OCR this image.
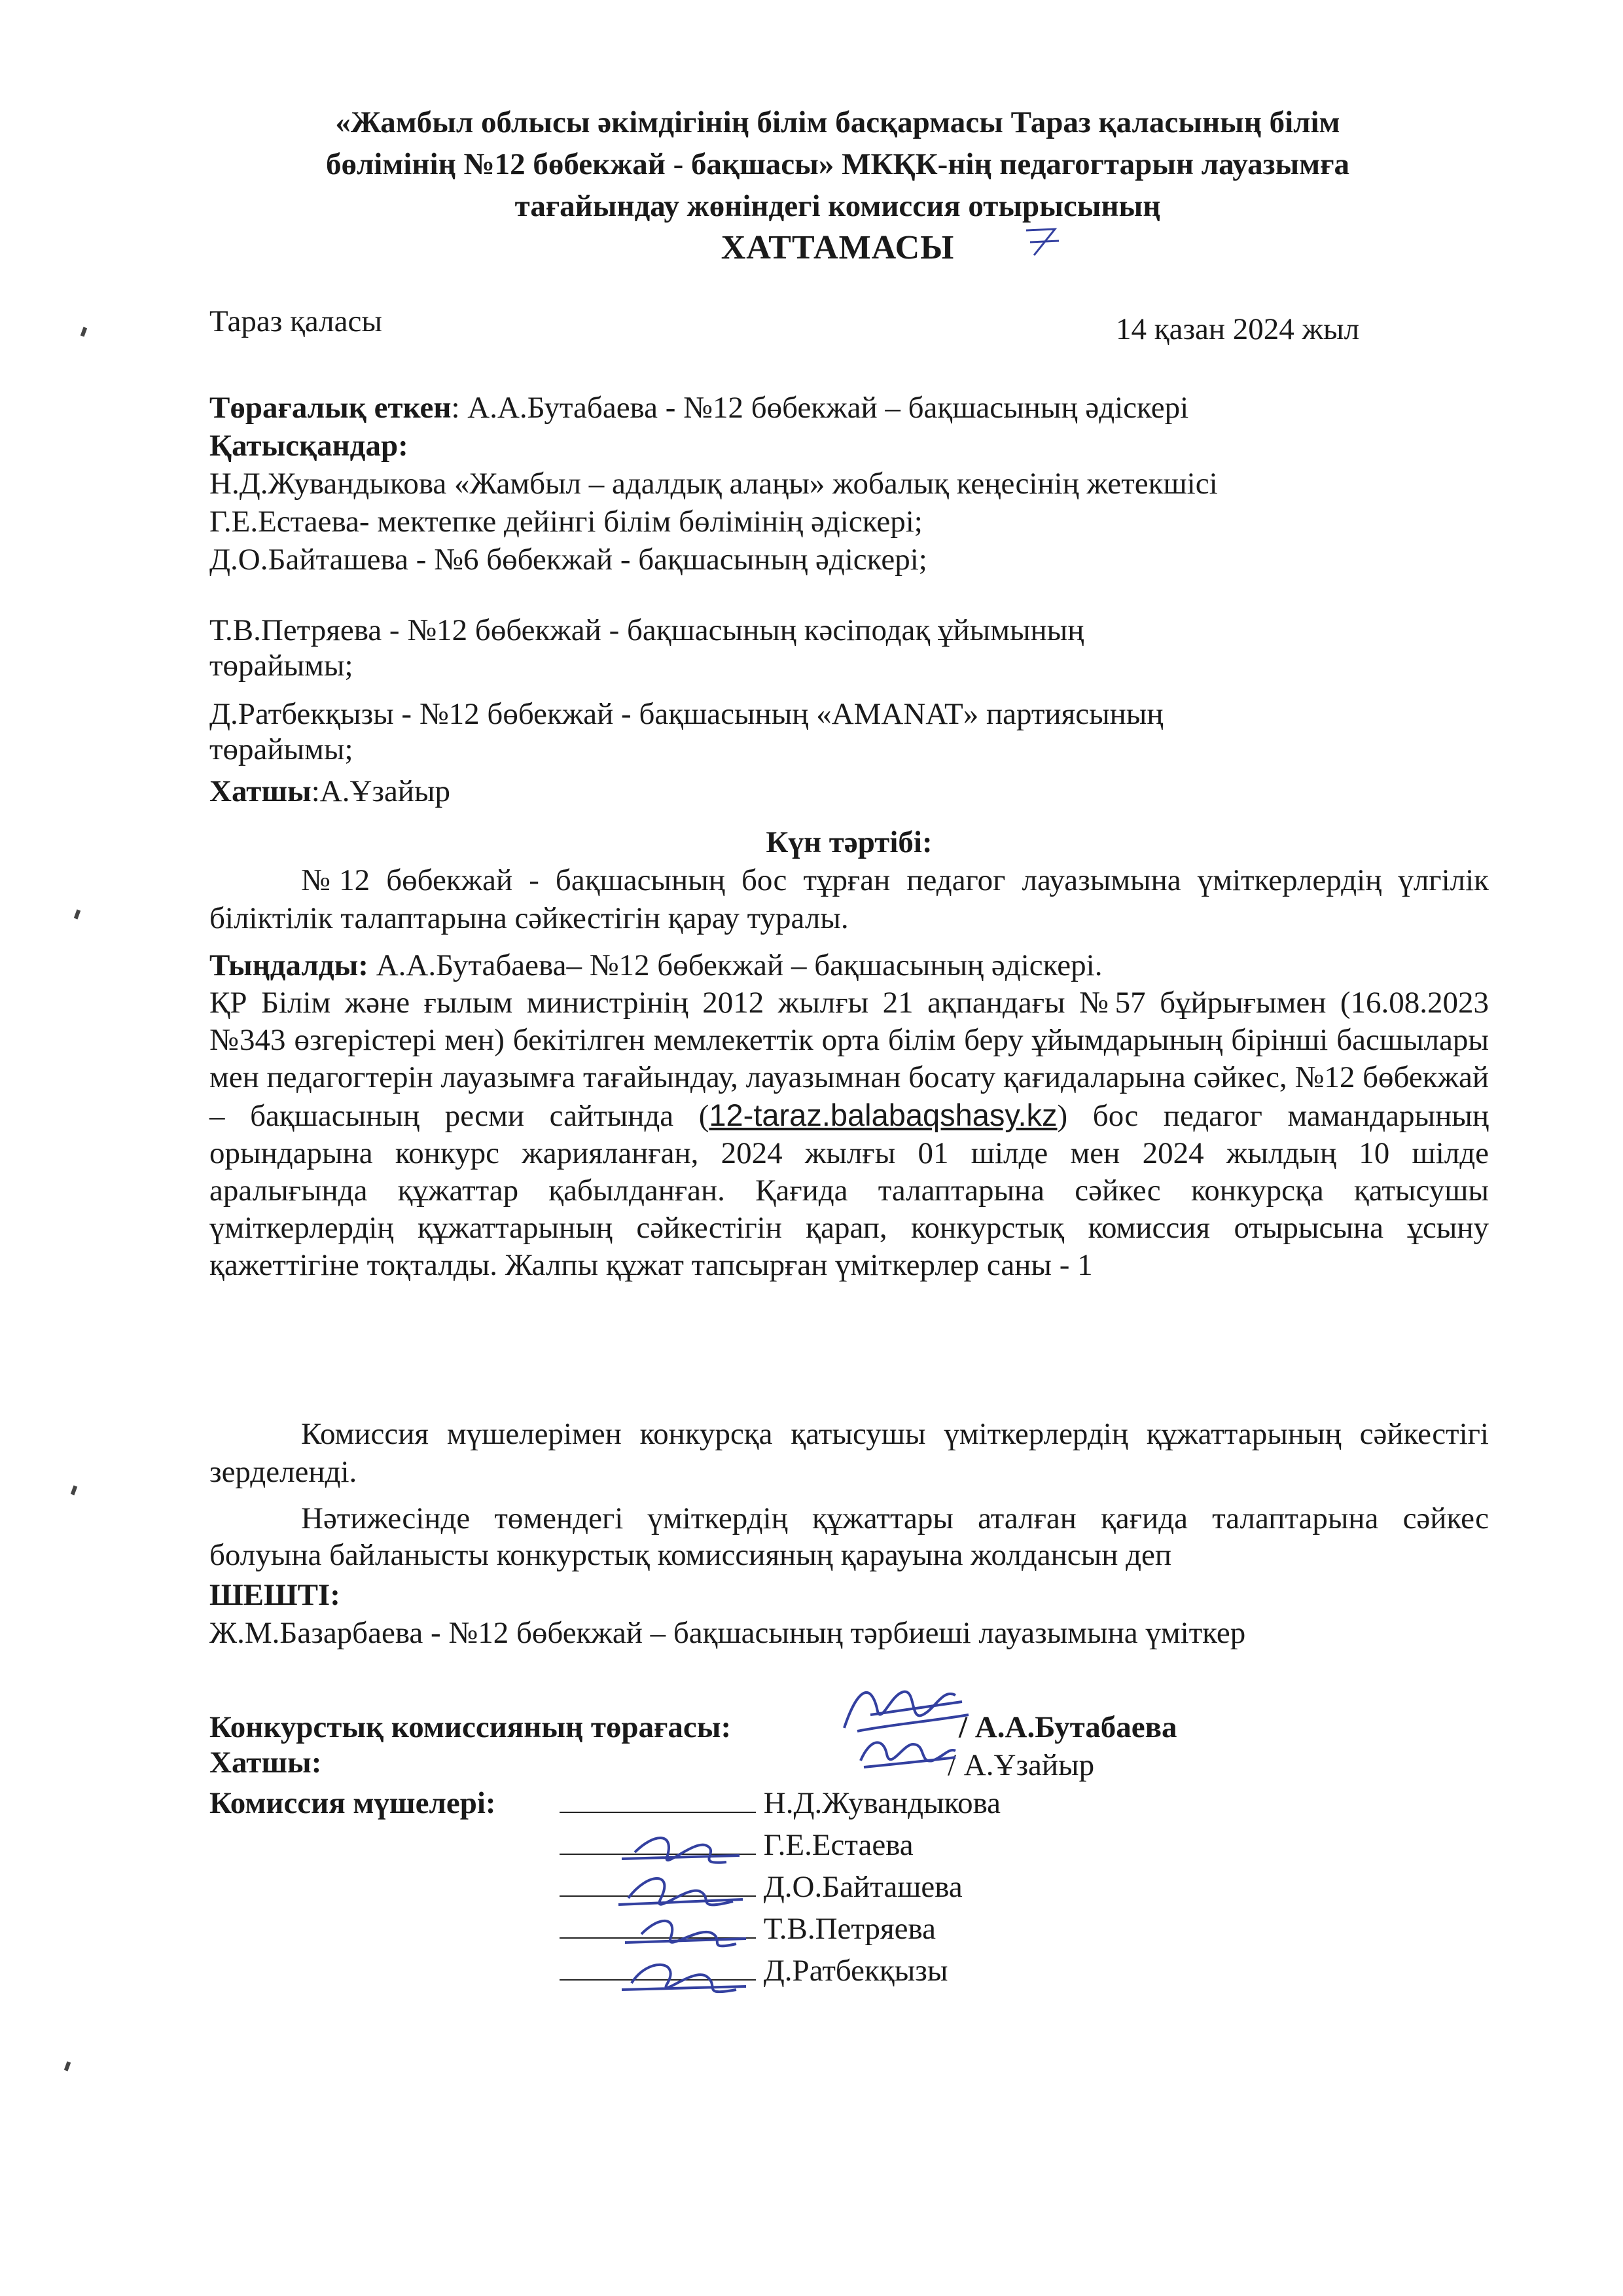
«Жамбыл облысы әкімдігінің білім басқармасы Тараз қаласының білім
бөлімінің №12 бөбекжай - бақшасы» МКҚК-нің педагогтарын лауазымға
тағайындау жөніндегі комиссия отырысының
ХАТТАМАСЫ
Тараз қаласы	14 қазан 2024 жыл
Төрағалық еткен: А.А.Бутабаева - №12 бөбекжай – бақшасының әдіскері
Қатысқандар:
Н.Д.Жувандыкова «Жамбыл – адалдық алаңы» жобалық кеңесінің жетекшісі
Г.Е.Естаева- мектепке дейінгі білім бөлімінің әдіскері;
Д.О.Байташева - №6 бөбекжай - бақшасының әдіскері;
Т.В.Петряева - №12 бөбекжай - бақшасының кәсіподақ ұйымының
төрайымы;
Д.Ратбекқызы - №12 бөбекжай - бақшасының «AMANAT» партиясының
төрайымы;
Хатшы:А.Ұзайыр
Күн тәртібі:
№12 бөбекжай - бақшасының бос тұрған педагог лауазымына үміткерлердің үлгілік біліктілік талаптарына сәйкестігін қарау туралы.
Тыңдалды: А.А.Бутабаева– №12 бөбекжай – бақшасының әдіскері.
ҚР Білім және ғылым министрінің 2012 жылғы 21 ақпандағы №57 бұйрығымен (16.08.2023 №343 өзгерістері мен) бекітілген мемлекеттік орта білім беру ұйымдарының бірінші басшылары мен педагогтерін лауазымға тағайындау, лауазымнан босату қағидаларына сәйкес, №12 бөбекжай – бақшасының ресми сайтында (12-taraz.balabaqshasy.kz) бос педагог мамандарының орындарына конкурс жарияланған, 2024 жылғы 01 шілде мен 2024 жылдың 10 шілде аралығында құжаттар қабылданған. Қағида талаптарына сәйкес конкурсқа қатысушы үміткерлердің құжаттарының сәйкестігін қарап, конкурстық комиссия отырысына ұсыну қажеттігіне тоқталды. Жалпы құжат тапсырған үміткерлер саны - 1
Комиссия мүшелерімен конкурсқа қатысушы үміткерлердің құжаттарының сәйкестігі зерделенді.
Нәтижесінде төмендегі үміткердің құжаттары аталған қағида талаптарына сәйкес болуына байланысты конкурстық комиссияның қарауына жолдансын деп
ШЕШТІ:
Ж.М.Базарбаева - №12 бөбекжай – бақшасының тәрбиеші лауазымына үміткер
Конкурстық комиссияның төрағасы:	/ А.А.Бутабаева
Хатшы:	/ А.Ұзайыр
Комиссия мүшелері:	Н.Д.Жувандыкова
Г.Е.Естаева
Д.О.Байташева
Т.В.Петряева
Д.Ратбекқызы
